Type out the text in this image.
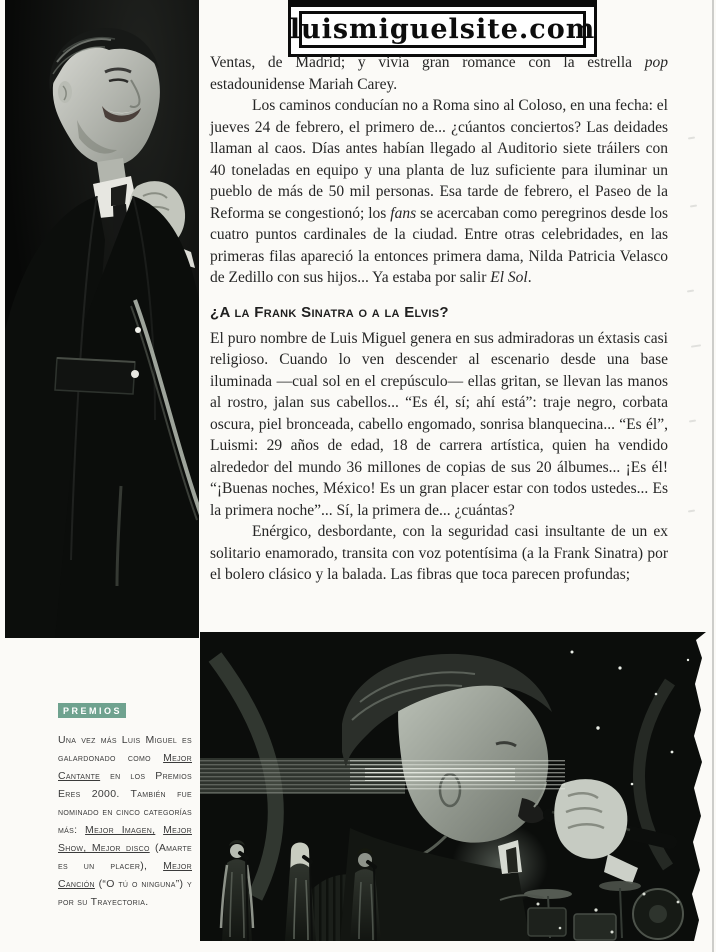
luismiguelsite.com

Ventas, de Madrid; y vivía gran romance con la estrella pop estadounidense Mariah Carey.

Los caminos conducían no a Roma sino al Coloso, en una fecha: el jueves 24 de febrero, el primero de... ¿cúantos conciertos? Las deidades llaman al caos. Días antes habían llegado al Auditorio siete tráilers con 40 toneladas en equipo y una planta de luz suficiente para iluminar un pueblo de más de 50 mil personas. Esa tarde de febrero, el Paseo de la Reforma se congestionó; los fans se acercaban como peregrinos desde los cuatro puntos cardinales de la ciudad. Entre otras celebridades, en las primeras filas apareció la entonces primera dama, Nilda Patricia Velasco de Zedillo con sus hijos... Ya estaba por salir El Sol.

¿A la Frank Sinatra o a la Elvis?

El puro nombre de Luis Miguel genera en sus admiradoras un éxtasis casi religioso. Cuando lo ven descender al escenario desde una base iluminada —cual sol en el crepúsculo— ellas gritan, se llevan las manos al rostro, jalan sus cabellos... “Es él, sí; ahí está”: traje negro, corbata oscura, piel bronceada, cabello engomado, sonrisa blanquecina... “Es él”, Luismi: 29 años de edad, 18 de carrera artística, quien ha vendido alrededor del mundo 36 millones de copias de sus 20 álbumes... ¡Es él! “¡Buenas noches, México! Es un gran placer estar con todos ustedes... Es la primera noche”... Sí, la primera de... ¿cuántas?

Enérgico, desbordante, con la seguridad casi insultante de un ex solitario enamorado, transita con voz potentísima (a la Frank Sinatra) por el bolero clásico y la balada. Las fibras que toca parecen profundas;

PREMIOS
Una vez más Luis Miguel es galardonado como Mejor Cantante en los Premios Eres 2000. También fue nominado en cinco categorías más: Mejor Imagen, Mejor Show, Mejor disco (Amarte es un placer), Mejor Canción (“O tú o ninguna”) y por su Trayectoria.
